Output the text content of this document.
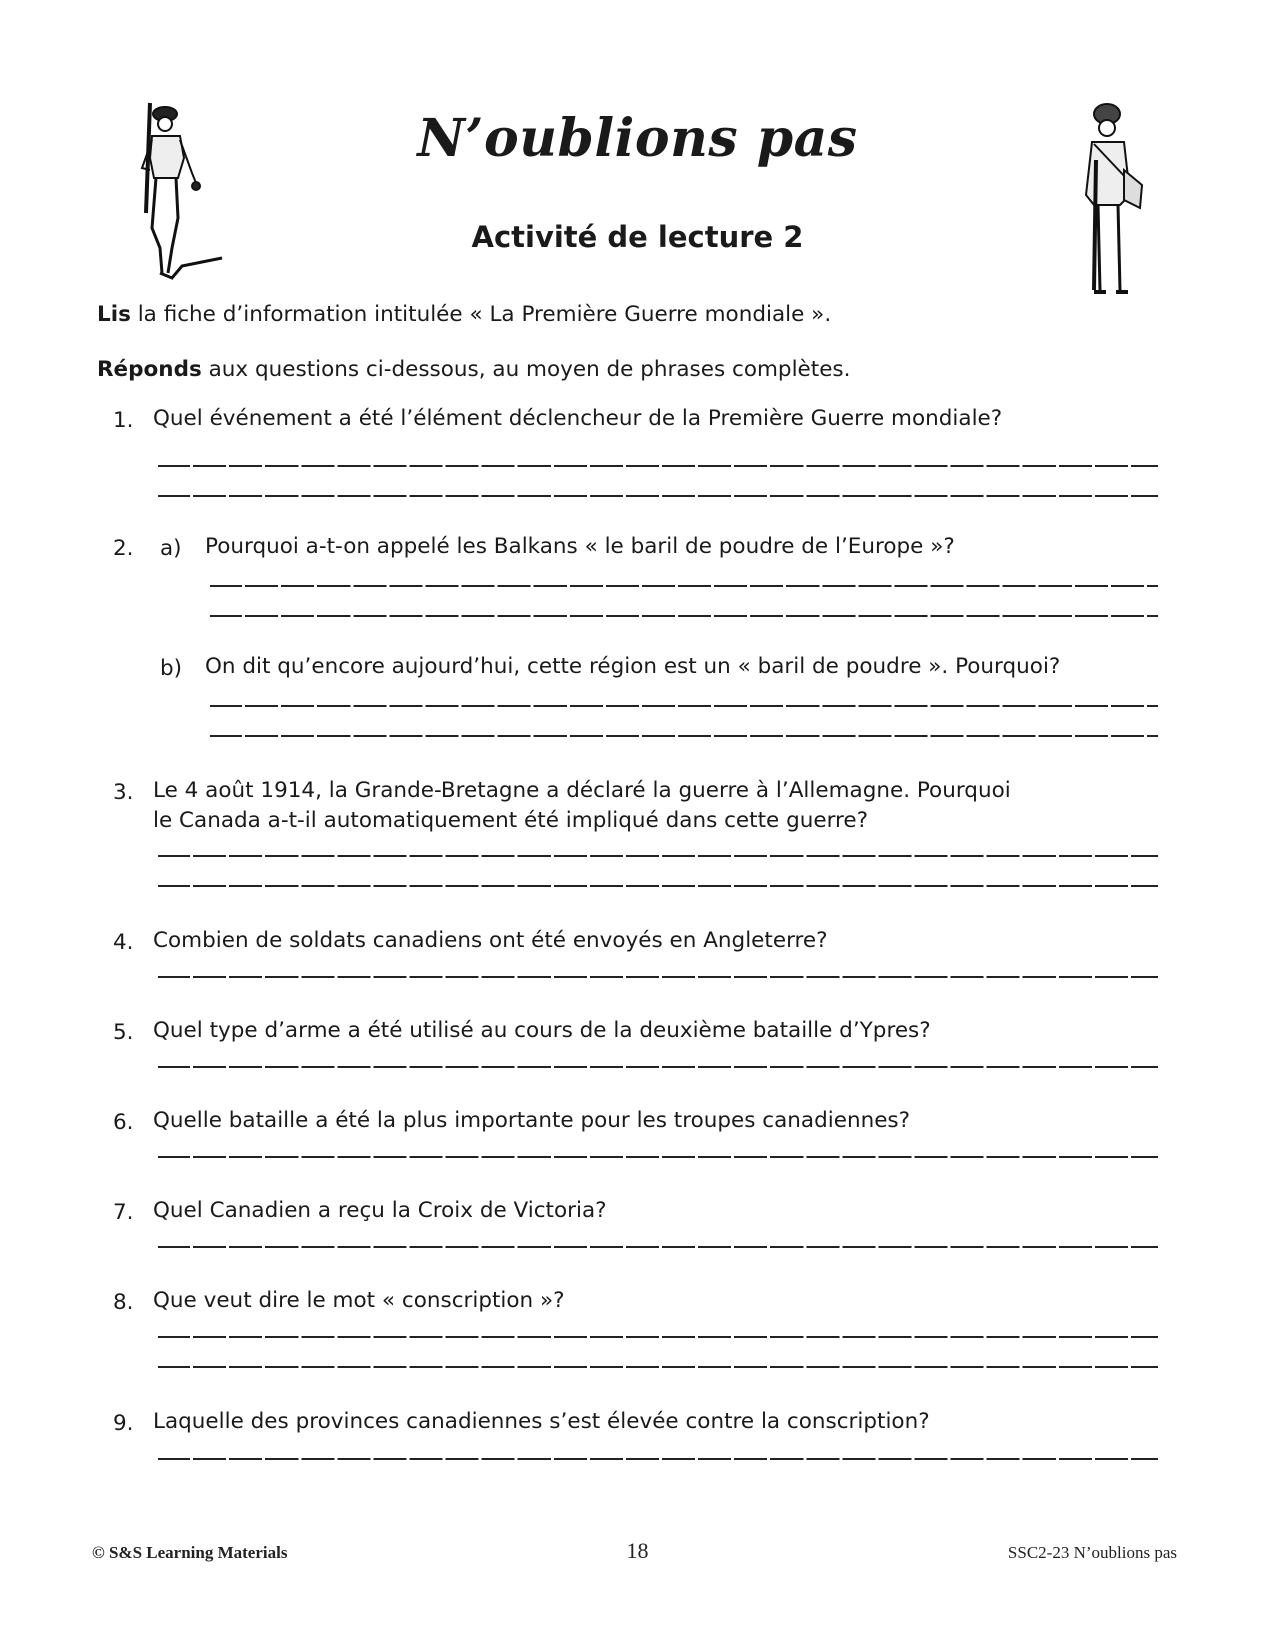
N’oublions pas
Activité de lecture 2
Lis la fiche d’information intitulée « La Première Guerre mondiale ».
Réponds aux questions ci-dessous, au moyen de phrases complètes.
1. Quel événement a été l’élément déclencheur de la Première Guerre mondiale?
2. a) Pourquoi a-t-on appelé les Balkans « le baril de poudre de l’Europe »?
b) On dit qu’encore aujourd’hui, cette région est un « baril de poudre ». Pourquoi?
3. Le 4 août 1914, la Grande-Bretagne a déclaré la guerre à l’Allemagne. Pourquoi
le Canada a-t-il automatiquement été impliqué dans cette guerre?
4. Combien de soldats canadiens ont été envoyés en Angleterre?
5. Quel type d’arme a été utilisé au cours de la deuxième bataille d’Ypres?
6. Quelle bataille a été la plus importante pour les troupes canadiennes?
7. Quel Canadien a reçu la Croix de Victoria?
8. Que veut dire le mot « conscription »?
9. Laquelle des provinces canadiennes s’est élevée contre la conscription?
© S&S Learning Materials	18	SSC2-23 N’oublions pas
